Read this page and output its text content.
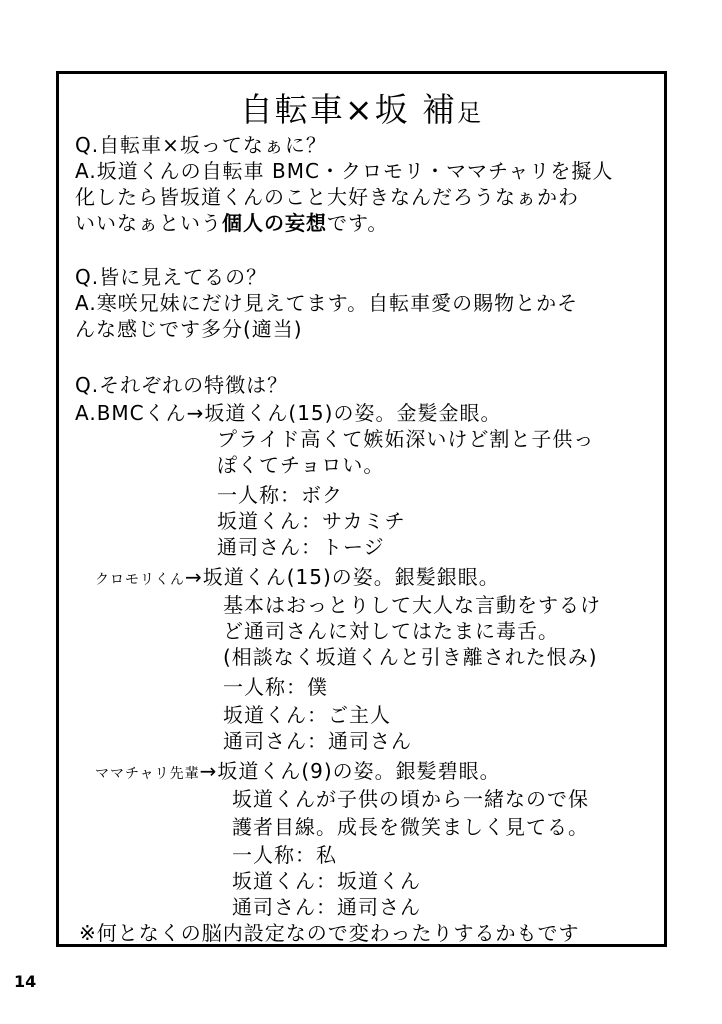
自転車×坂 補足
Q.自転車×坂ってなぁに？
A.坂道くんの自転車 BMC・クロモリ・ママチャリを擬人
化したら皆坂道くんのこと大好きなんだろうなぁかわ
いいなぁという個人の妄想です。
Q.皆に見えてるの？
A.寒咲兄妹にだけ見えてます。自転車愛の賜物とかそ
んな感じです多分(適当)
Q.それぞれの特徴は？
A.BMCくん→坂道くん(15)の姿。金髪金眼。
プライド高くて嫉妬深いけど割と子供っ
ぽくてチョロい。
一人称：ボク
坂道くん：サカミチ
通司さん：トージ
クロモリくん→坂道くん(15)の姿。銀髪銀眼。
基本はおっとりして大人な言動をするけ
ど通司さんに対してはたまに毒舌。
(相談なく坂道くんと引き離された恨み)
一人称：僕
坂道くん：ご主人
通司さん：通司さん
ママチャリ先輩→坂道くん(9)の姿。銀髪碧眼。
坂道くんが子供の頃から一緒なので保
護者目線。成長を微笑ましく見てる。
一人称：私
坂道くん：坂道くん
通司さん：通司さん
※何となくの脳内設定なので変わったりするかもです
14
